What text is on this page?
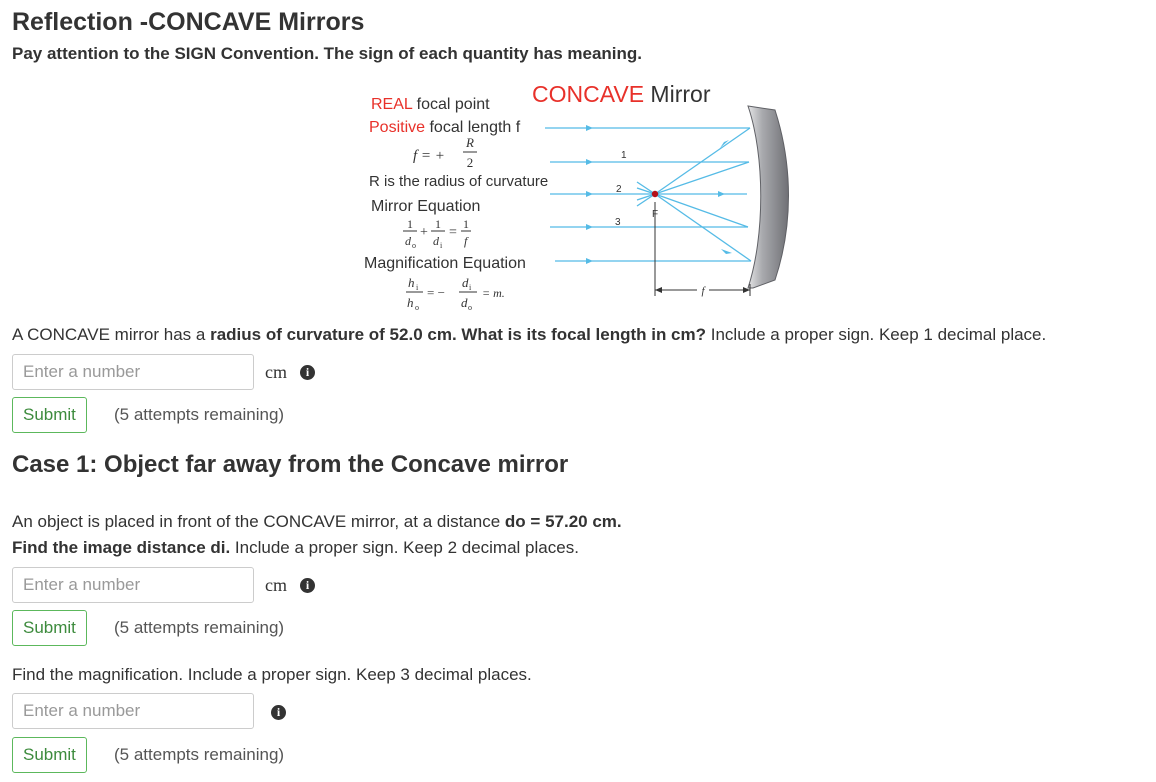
Reflection -CONCAVE Mirrors
Pay attention to the SIGN Convention. The sign of each quantity has meaning.
f
1
2
3
F
CONCAVE Mirror
REAL focal point
Positive focal length f
f = +
R
2
R is the radius of curvature
Mirror Equation
1
d o
+
1
d i
=
1
f
Magnification Equation
h i
h o
= −
d i
d o
= m.
A CONCAVE mirror has a radius of curvature of 52.0 cm. What is its focal length in cm? Include a proper sign. Keep 1 decimal place.
Enter a number
cm	i
Submit	(5 attempts remaining)
Case 1: Object far away from the Concave mirror
An object is placed in front of the CONCAVE mirror, at a distance do = 57.20 cm.
Find the image distance di. Include a proper sign. Keep 2 decimal places.
Enter a number
cm	i
Submit	(5 attempts remaining)
Find the magnification. Include a proper sign. Keep 3 decimal places.
Enter a number
i
Submit	(5 attempts remaining)
